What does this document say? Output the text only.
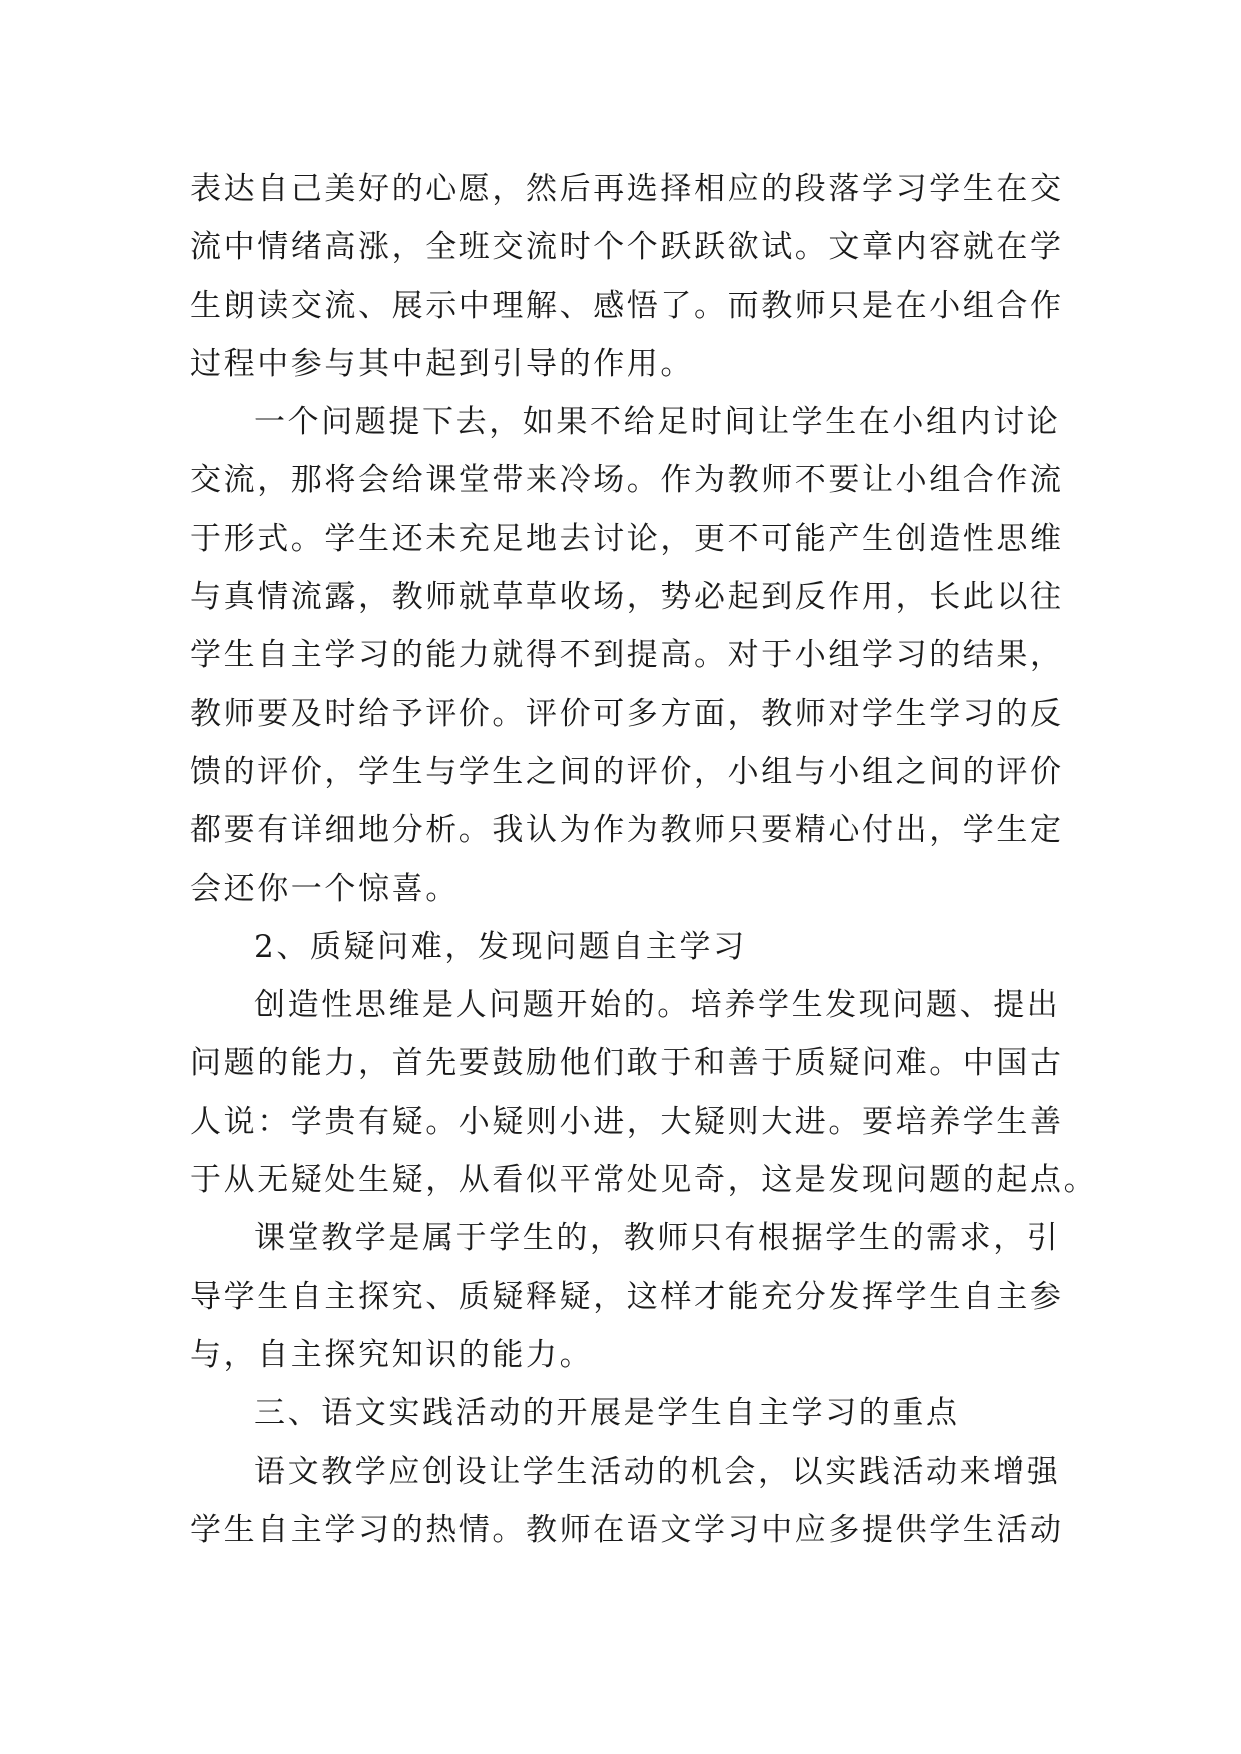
表达自己美好的心愿，然后再选择相应的段落学习学生在交
流中情绪高涨，全班交流时个个跃跃欲试。文章内容就在学
生朗读交流、展示中理解、感悟了。而教师只是在小组合作
过程中参与其中起到引导的作用。
一个问题提下去，如果不给足时间让学生在小组内讨论
交流，那将会给课堂带来冷场。作为教师不要让小组合作流
于形式。学生还未充足地去讨论，更不可能产生创造性思维
与真情流露，教师就草草收场，势必起到反作用，长此以往
学生自主学习的能力就得不到提高。对于小组学习的结果，
教师要及时给予评价。评价可多方面，教师对学生学习的反
馈的评价，学生与学生之间的评价，小组与小组之间的评价
都要有详细地分析。我认为作为教师只要精心付出，学生定
会还你一个惊喜。
2、质疑问难，发现问题自主学习
创造性思维是人问题开始的。培养学生发现问题、提出
问题的能力，首先要鼓励他们敢于和善于质疑问难。中国古
人说：学贵有疑。小疑则小进，大疑则大进。要培养学生善
于从无疑处生疑，从看似平常处见奇，这是发现问题的起点。
课堂教学是属于学生的，教师只有根据学生的需求，引
导学生自主探究、质疑释疑，这样才能充分发挥学生自主参
与，自主探究知识的能力。
三、语文实践活动的开展是学生自主学习的重点
语文教学应创设让学生活动的机会，以实践活动来增强
学生自主学习的热情。教师在语文学习中应多提供学生活动
